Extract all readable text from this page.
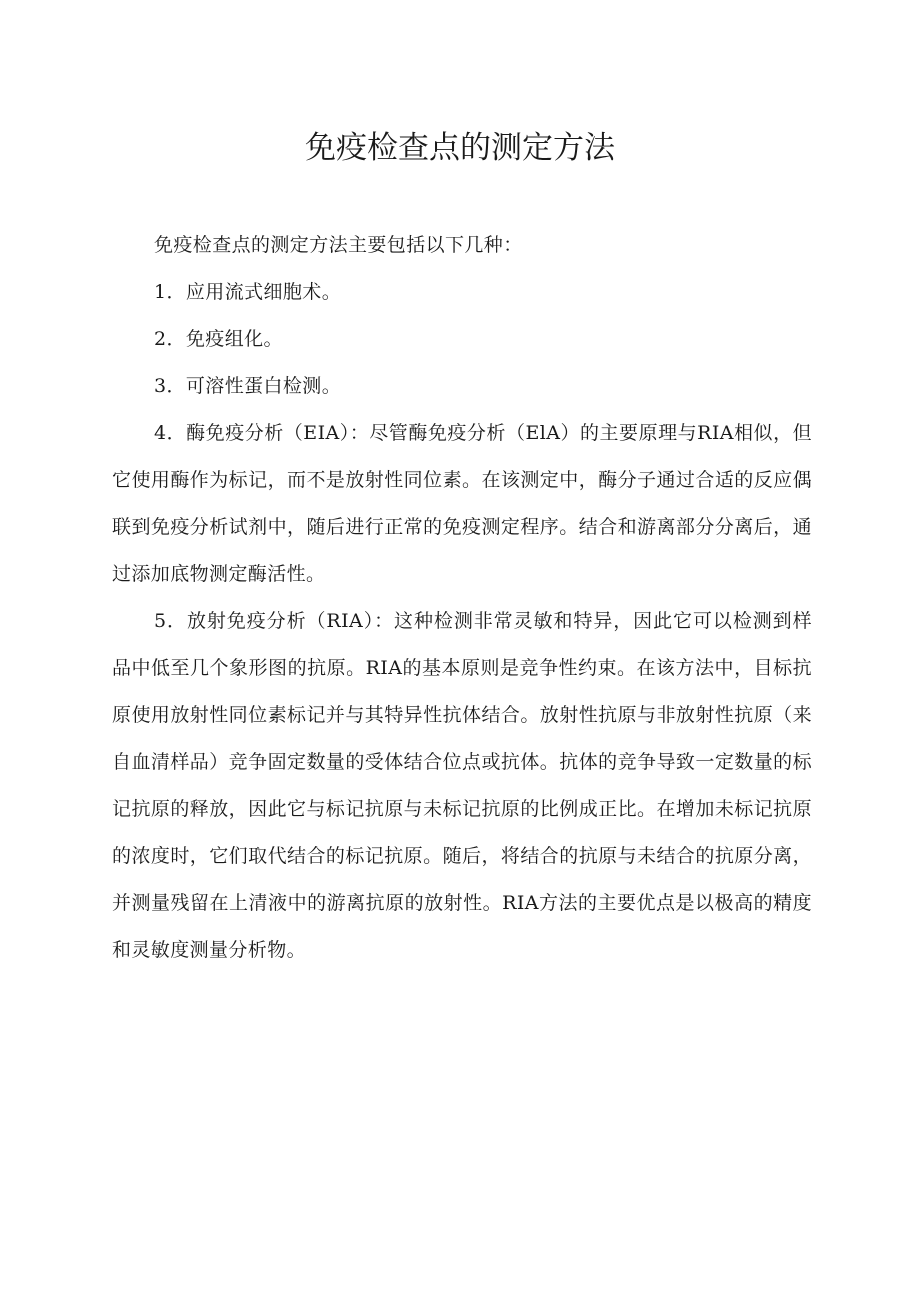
免疫检查点的测定方法

免疫检查点的测定方法主要包括以下几种：

1．应用流式细胞术。

2．免疫组化。

3．可溶性蛋白检测。

4．酶免疫分析（EIA）：尽管酶免疫分析（ElA）的主要原理与RIA相似，但它使用酶作为标记，而不是放射性同位素。在该测定中，酶分子通过合适的反应偶联到免疫分析试剂中，随后进行正常的免疫测定程序。结合和游离部分分离后，通过添加底物测定酶活性。

5．放射免疫分析（RIA）：这种检测非常灵敏和特异，因此它可以检测到样品中低至几个象形图的抗原。RIA的基本原则是竞争性约束。在该方法中，目标抗原使用放射性同位素标记并与其特异性抗体结合。放射性抗原与非放射性抗原（来自血清样品）竞争固定数量的受体结合位点或抗体。抗体的竞争导致一定数量的标记抗原的释放，因此它与标记抗原与未标记抗原的比例成正比。在增加未标记抗原的浓度时，它们取代结合的标记抗原。随后，将结合的抗原与未结合的抗原分离，并测量残留在上清液中的游离抗原的放射性。RIA方法的主要优点是以极高的精度和灵敏度测量分析物。
